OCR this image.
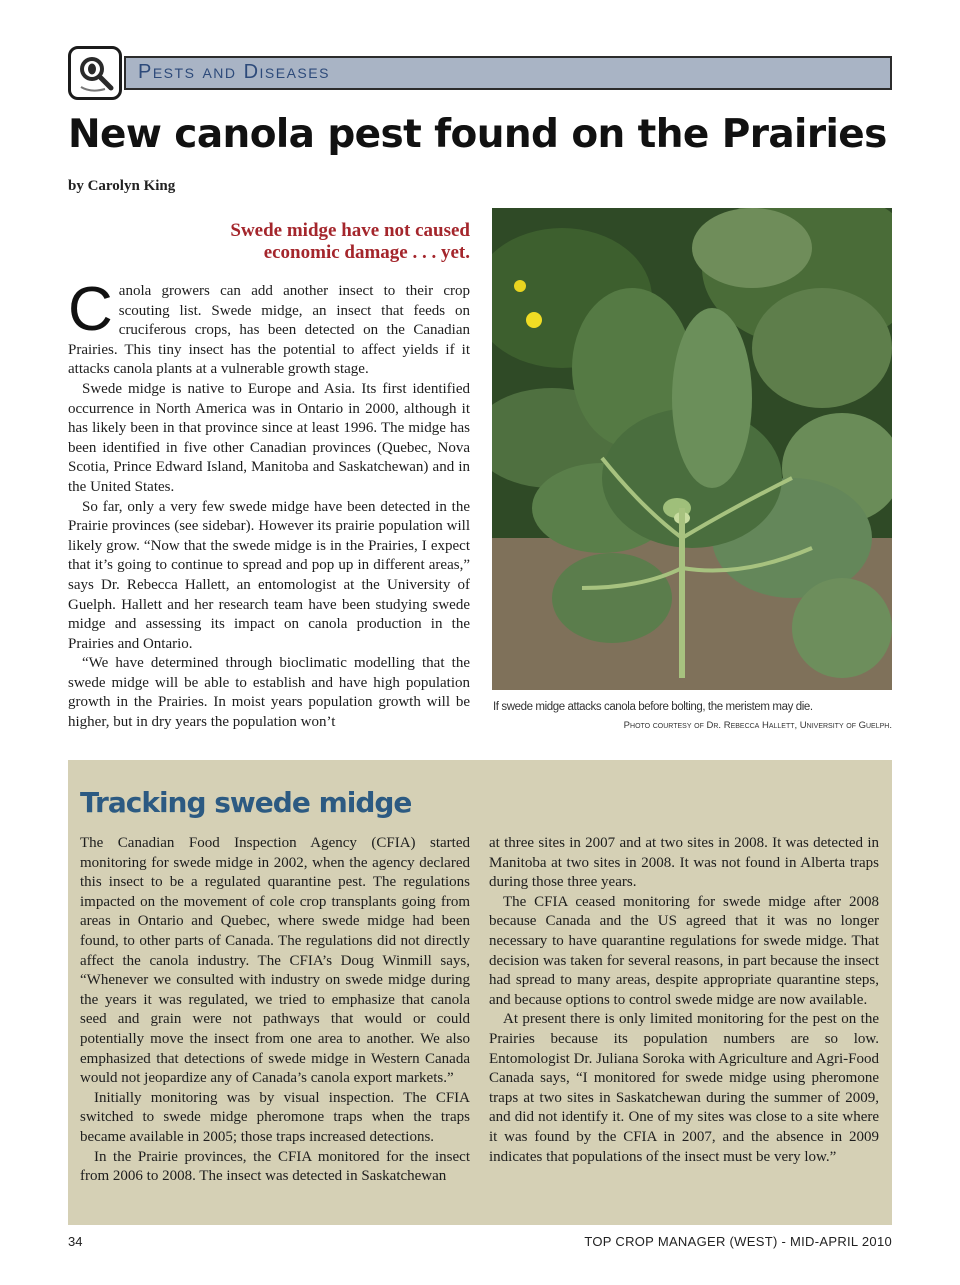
Pests and Diseases
New canola pest found on the Prairies
by Carolyn King
Swede midge have not caused economic damage . . . yet.

Canola growers can add another insect to their crop scouting list. Swede midge, an insect that feeds on cruciferous crops, has been detected on the Canadian Prairies. This tiny insect has the potential to affect yields if it attacks canola plants at a vulnerable growth stage.

Swede midge is native to Europe and Asia. Its first identified occurrence in North America was in Ontario in 2000, although it has likely been in that province since at least 1996. The midge has been identified in five other Canadian provinces (Quebec, Nova Scotia, Prince Edward Island, Manitoba and Saskatchewan) and in the United States.

So far, only a very few swede midge have been detected in the Prairie provinces (see sidebar). However its prairie population will likely grow. “Now that the swede midge is in the Prairies, I expect that it’s going to continue to spread and pop up in different areas,” says Dr. Rebecca Hallett, an entomologist at the University of Guelph. Hallett and her research team have been studying swede midge and assessing its impact on canola production in the Prairies and Ontario.

“We have determined through bioclimatic modelling that the swede midge will be able to establish and have high population growth in the Prairies. In moist years population growth will be higher, but in dry years the population won’t

If swede midge attacks canola before bolting, the meristem may die.
Photo courtesy of Dr. Rebecca Hallett, University of Guelph.
Tracking swede midge

The Canadian Food Inspection Agency (CFIA) started monitoring for swede midge in 2002, when the agency declared this insect to be a regulated quarantine pest. The regulations impacted on the movement of cole crop transplants going from areas in Ontario and Quebec, where swede midge had been found, to other parts of Canada. The regulations did not directly affect the canola industry. The CFIA’s Doug Winmill says, “Whenever we consulted with industry on swede midge during the years it was regulated, we tried to emphasize that canola seed and grain were not pathways that would or could potentially move the insect from one area to another. We also emphasized that detections of swede midge in Western Canada would not jeopardize any of Canada’s canola export markets.”

Initially monitoring was by visual inspection. The CFIA switched to swede midge pheromone traps when the traps became available in 2005; those traps increased detections.

In the Prairie provinces, the CFIA monitored for the insect from 2006 to 2008. The insect was detected in Saskatchewan

at three sites in 2007 and at two sites in 2008. It was detected in Manitoba at two sites in 2008. It was not found in Alberta traps during those three years.

The CFIA ceased monitoring for swede midge after 2008 because Canada and the US agreed that it was no longer necessary to have quarantine regulations for swede midge. That decision was taken for several reasons, in part because the insect had spread to many areas, despite appropriate quarantine steps, and because options to control swede midge are now available.

At present there is only limited monitoring for the pest on the Prairies because its population numbers are so low. Entomologist Dr. Juliana Soroka with Agriculture and Agri-Food Canada says, “I monitored for swede midge using pheromone traps at two sites in Saskatchewan during the summer of 2009, and did not identify it. One of my sites was close to a site where it was found by the CFIA in 2007, and the absence in 2009 indicates that populations of the insect must be very low.”

34	TOP CROP MANAGER (WEST) - MID-APRIL 2010
